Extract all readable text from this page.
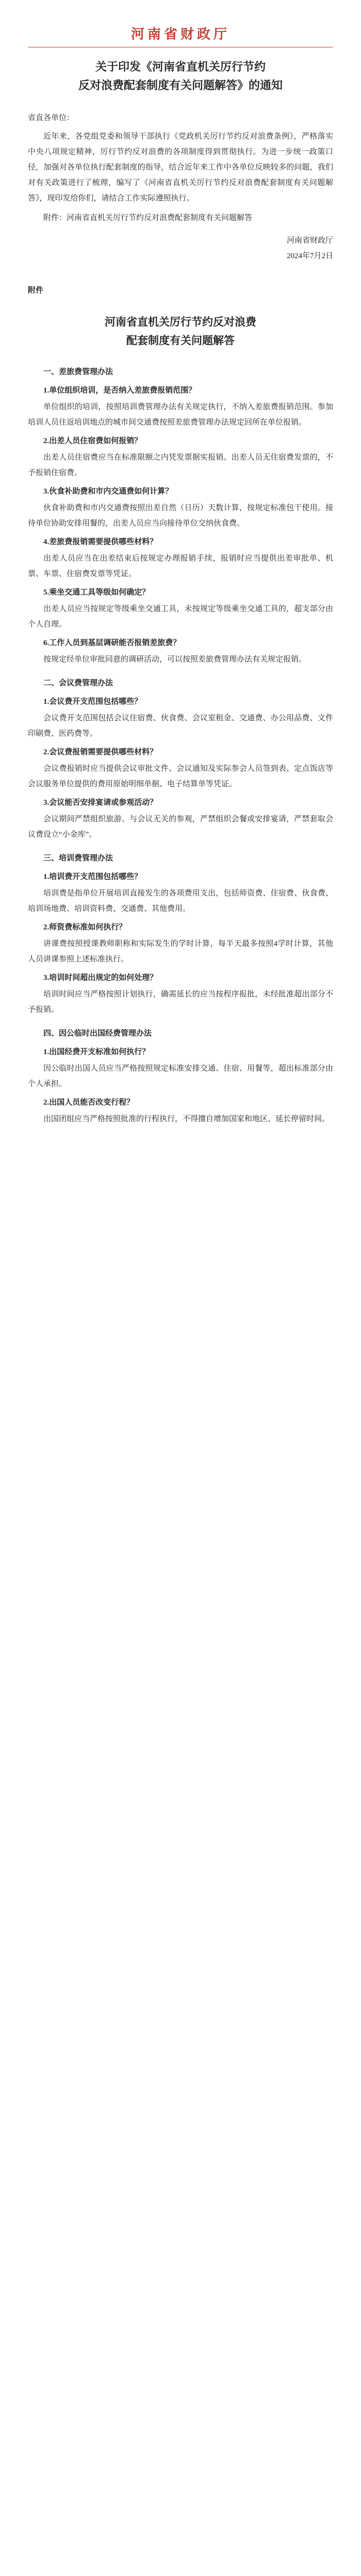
河南省财政厅
关于印发《河南省直机关厉行节约
反对浪费配套制度有关问题解答》的通知
省直各单位：

近年来，各党组党委和领导干部执行《党政机关厉行节约反对浪费条例》，严格落实中央八项规定精神，厉行节约反对浪费的各项制度得到贯彻执行。为进一步统一政策口径，加强对各单位执行配套制度的指导，结合近年来工作中各单位反映较多的问题，我们对有关政策进行了梳理，编写了《河南省直机关厉行节约反对浪费配套制度有关问题解答》，现印发给你们，请结合工作实际遵照执行。

附件：河南省直机关厉行节约反对浪费配套制度有关问题解答

河南省财政厅
2024年7月2日
附件
河南省直机关厉行节约反对浪费
配套制度有关问题解答
一、差旅费管理办法
1.单位组织培训，是否纳入差旅费报销范围？

单位组织的培训，按照培训费管理办法有关规定执行，不纳入差旅费报销范围。参加培训人员往返培训地点的城市间交通费按照差旅费管理办法规定回所在单位报销。

2.出差人员住宿费如何报销？

出差人员住宿费应当在标准限额之内凭发票据实报销。出差人员无住宿费发票的，不予报销住宿费。

3.伙食补助费和市内交通费如何计算？

伙食补助费和市内交通费按照出差自然（日历）天数计算，按规定标准包干使用。接待单位协助安排用餐的，出差人员应当向接待单位交纳伙食费。

4.差旅费报销需要提供哪些材料？

出差人员应当在出差结束后按规定办理报销手续，报销时应当提供出差审批单、机票、车票、住宿费发票等凭证。

5.乘坐交通工具等级如何确定？

出差人员应当按规定等级乘坐交通工具，未按规定等级乘坐交通工具的，超支部分由个人自理。

6.工作人员到基层调研能否报销差旅费？

按规定经单位审批同意的调研活动，可以按照差旅费管理办法有关规定报销。

二、会议费管理办法
1.会议费开支范围包括哪些？

会议费开支范围包括会议住宿费、伙食费、会议室租金、交通费、办公用品费、文件印刷费、医药费等。

2.会议费报销需要提供哪些材料？

会议费报销时应当提供会议审批文件、会议通知及实际参会人员签到表、定点饭店等会议服务单位提供的费用原始明细单据、电子结算单等凭证。

3.会议能否安排宴请或参观活动？

会议期间严禁组织旅游、与会议无关的参观，严禁组织会餐或安排宴请，严禁套取会议费设立“小金库”。

三、培训费管理办法
1.培训费开支范围包括哪些？

培训费是指单位开展培训直接发生的各项费用支出，包括师资费、住宿费、伙食费、培训场地费、培训资料费、交通费、其他费用。

2.师资费标准如何执行？

讲课费按照授课教师职称和实际发生的学时计算，每半天最多按照4学时计算，其他人员讲课参照上述标准执行。

3.培训时间超出规定的如何处理？

培训时间应当严格按照计划执行，确需延长的应当按程序报批，未经批准超出部分不予报销。

四、因公临时出国经费管理办法
1.出国经费开支标准如何执行？

因公临时出国人员应当严格按照规定标准安排交通、住宿、用餐等，超出标准部分由个人承担。

2.出国人员能否改变行程？

出国团组应当严格按照批准的行程执行，不得擅自增加国家和地区、延长停留时间。
